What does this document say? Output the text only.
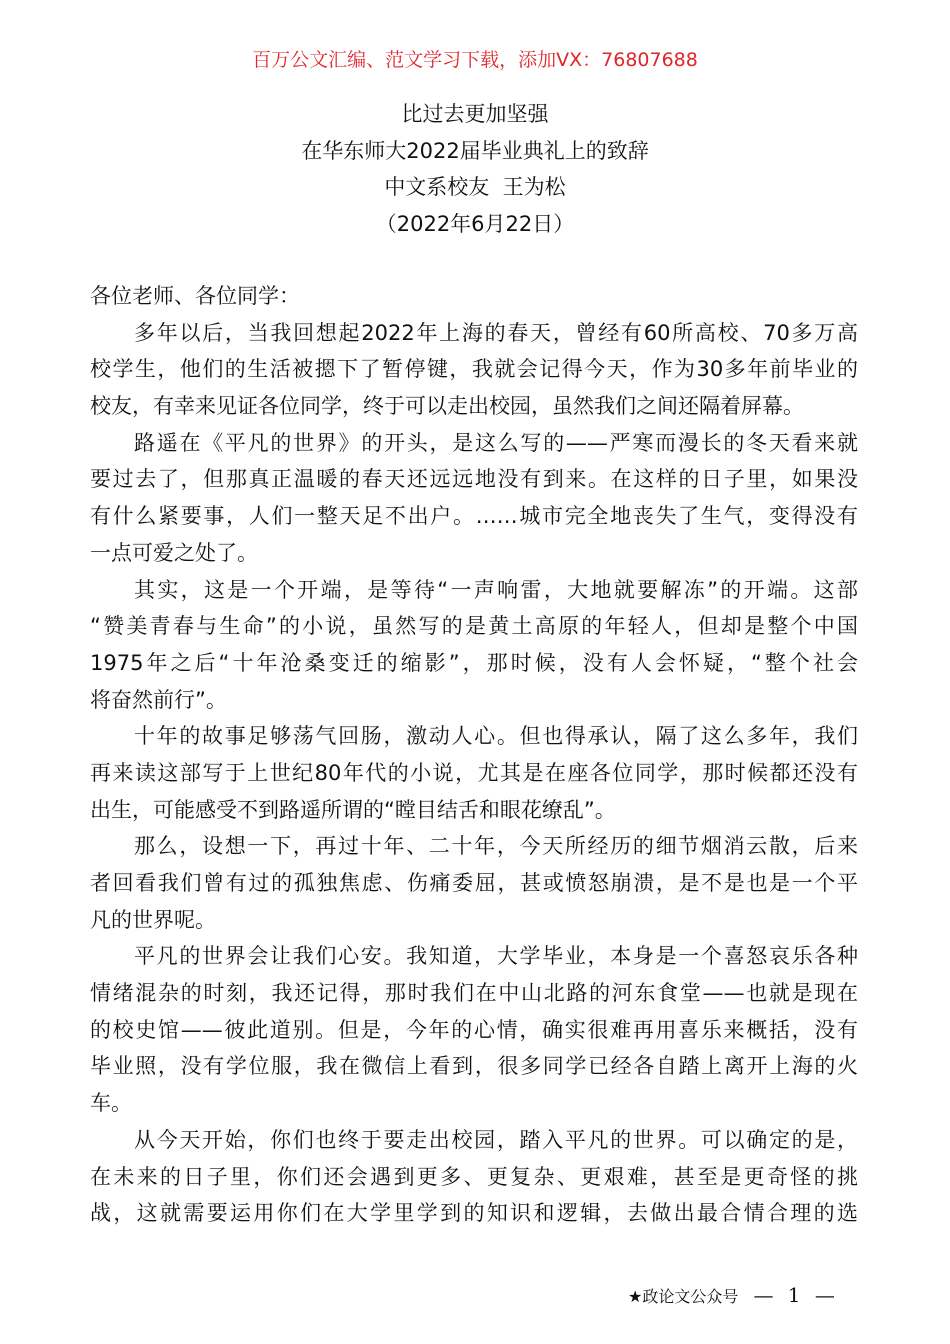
百万公文汇编、范文学习下载，添加VX：76807688
比过去更加坚强
在华东师大2022届毕业典礼上的致辞
中文系校友  王为松
（2022年6月22日）
各位老师、各位同学：
多年以后，当我回想起2022年上海的春天，曾经有60所高校、70多万高
校学生，他们的生活被摁下了暂停键，我就会记得今天，作为30多年前毕业的
校友，有幸来见证各位同学，终于可以走出校园，虽然我们之间还隔着屏幕。
路遥在《平凡的世界》的开头，是这么写的——严寒而漫长的冬天看来就
要过去了，但那真正温暖的春天还远远地没有到来。在这样的日子里，如果没
有什么紧要事，人们一整天足不出户。……城市完全地丧失了生气，变得没有
一点可爱之处了。
其实，这是一个开端，是等待“一声响雷，大地就要解冻”的开端。这部
“赞美青春与生命”的小说，虽然写的是黄土高原的年轻人，但却是整个中国
1975年之后“十年沧桑变迁的缩影”，那时候，没有人会怀疑，“整个社会
将奋然前行”。
十年的故事足够荡气回肠，激动人心。但也得承认，隔了这么多年，我们
再来读这部写于上世纪80年代的小说，尤其是在座各位同学，那时候都还没有
出生，可能感受不到路遥所谓的“瞠目结舌和眼花缭乱”。
那么，设想一下，再过十年、二十年，今天所经历的细节烟消云散，后来
者回看我们曾有过的孤独焦虑、伤痛委屈，甚或愤怒崩溃，是不是也是一个平
凡的世界呢。
平凡的世界会让我们心安。我知道，大学毕业，本身是一个喜怒哀乐各种
情绪混杂的时刻，我还记得，那时我们在中山北路的河东食堂——也就是现在
的校史馆——彼此道别。但是，今年的心情，确实很难再用喜乐来概括，没有
毕业照，没有学位服，我在微信上看到，很多同学已经各自踏上离开上海的火
车。
从今天开始，你们也终于要走出校园，踏入平凡的世界。可以确定的是，
在未来的日子里，你们还会遇到更多、更复杂、更艰难，甚至是更奇怪的挑
战，这就需要运用你们在大学里学到的知识和逻辑，去做出最合情合理的选
★政论文公众号 — 1 —
